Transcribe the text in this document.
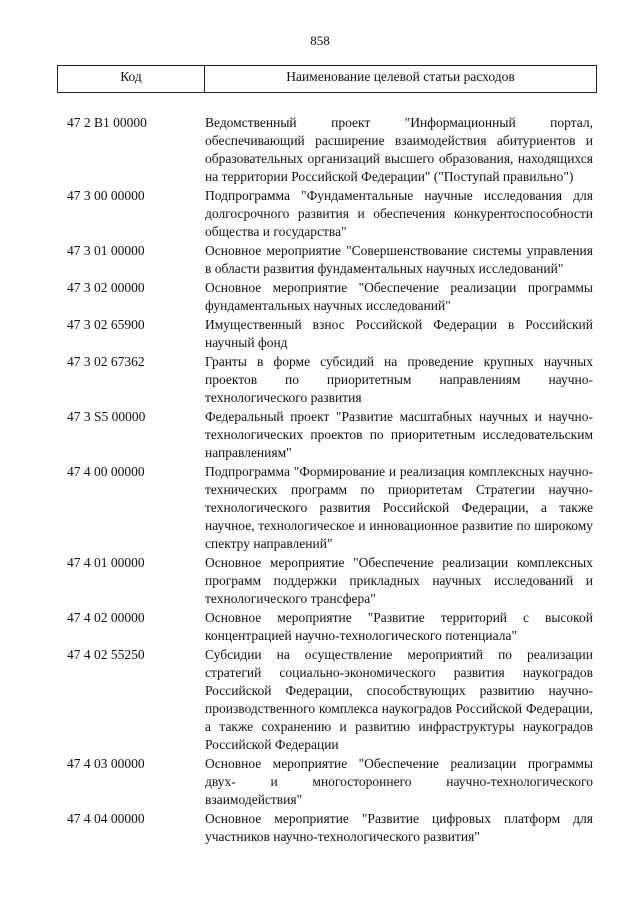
858
Код	Наименование целевой статьи расходов
47 2 B1 00000	Ведомственный проект "Информационный портал, обеспечивающий расширение взаимодействия абитуриентов и образовательных организаций высшего образования, находящихся на территории Российской Федерации" ("Поступай правильно")
47 3 00 00000	Подпрограмма "Фундаментальные научные исследования для долгосрочного развития и обеспечения конкурентоспособности общества и государства"
47 3 01 00000	Основное мероприятие "Совершенствование системы управления в области развития фундаментальных научных исследований"
47 3 02 00000	Основное мероприятие "Обеспечение реализации программы фундаментальных научных исследований"
47 3 02 65900	Имущественный взнос Российской Федерации в Российский научный фонд
47 3 02 67362	Гранты в форме субсидий на проведение крупных научных проектов по приоритетным направлениям научно-технологического развития
47 3 S5 00000	Федеральный проект "Развитие масштабных научных и научно-технологических проектов по приоритетным исследовательским направлениям"
47 4 00 00000	Подпрограмма "Формирование и реализация комплексных научно-технических программ по приоритетам Стратегии научно-технологического развития Российской Федерации, а также научное, технологическое и инновационное развитие по широкому спектру направлений"
47 4 01 00000	Основное мероприятие "Обеспечение реализации комплексных программ поддержки прикладных научных исследований и технологического трансфера"
47 4 02 00000	Основное мероприятие "Развитие территорий с высокой концентрацией научно-технологического потенциала"
47 4 02 55250	Субсидии на осуществление мероприятий по реализации стратегий социально-экономического развития наукоградов Российской Федерации, способствующих развитию научно-производственного комплекса наукоградов Российской Федерации, а также сохранению и развитию инфраструктуры наукоградов Российской Федерации
47 4 03 00000	Основное мероприятие "Обеспечение реализации программы двух- и многостороннего научно-технологического взаимодействия"
47 4 04 00000	Основное мероприятие "Развитие цифровых платформ для участников научно-технологического развития"
